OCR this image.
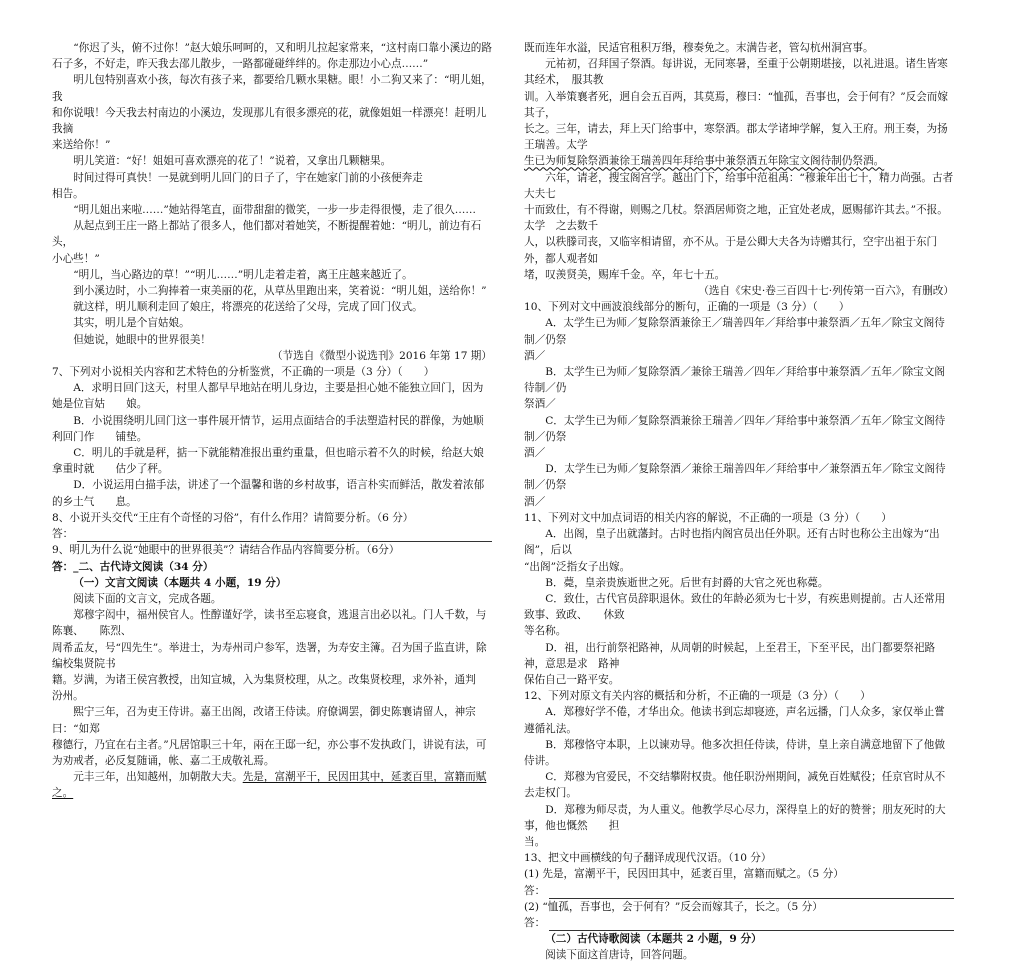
“你迟了头，俯不过你！”赵大娘乐呵呵的，又和明儿拉起家常来，“这村南口靠小溪边的路

石子多，不好走，昨天我去邵儿散步，一路都碰碰绊绊的。你走那边小心点……”

明儿包特别喜欢小孩，每次有孩子来，都要给几颗水果糖。眼！小二狗又来了：“明儿姐，我

和你说哦！今天我去村南边的小溪边，发现那儿有很多漂亮的花，就像姐姐一样漂亮！赶明儿我摘

来送给你！”

明儿笑道：“好！姐姐可喜欢漂亮的花了！”说着，又拿出几颗糖果。

时间过得可真快！一晃就到明儿回门的日子了，宇在她家门前的小孩便奔走

相告。

“明儿姐出来啦……”她站得笔直，面带甜甜的微笑，一步一步走得很慢，走了很久……

从起点到王庄一路上都站了很多人，他们都对着她笑，不断提醒着她：“明儿，前边有石头，

小心些！”

“明儿，当心路边的草！”“明儿……”明儿走着走着，离王庄越来越近了。

到小溪边时，小二狗捧着一束美丽的花，从草丛里跑出来，笑着说：“明儿姐，送给你！”

就这样，明儿顺利走回了娘庄，将漂亮的花送给了父母，完成了回门仪式。

其实，明儿是个盲姑娘。

但她说，她眼中的世界很美！

（节选自《微型小说选刊》2016 年第 17 期）

7、下列对小说相关内容和艺术特色的分析鉴赏，不正确的一项是（3 分）（　　）

A．求明日回门这天，村里人都早早地站在明儿身边，主要是担心她不能独立回门，因为她是位盲姑　　娘。

B．小说围绕明儿回门这一事件展开情节，运用点面结合的手法塑造村民的群像，为她顺利回门作　　铺垫。

C．明儿的手就是秤，掂一下就能精准报出重约重量，但也暗示着不久的时候，给赵大娘拿重时就　　估少了秤。

D．小说运用白描手法，讲述了一个温馨和谐的乡村故事，语言朴实而鲜活，散发着浓郁的乡土气　　息。

8、小说开头交代“王庄有个奇怪的习俗”，有什么作用？请简要分析。（6 分）

答：

9、明儿为什么说“她眼中的世界很美”？请结合作品内容简要分析。（6分）

答：_二、古代诗文阅读（34 分）

（一）文言文阅读（本题共 4 小题，19 分）

阅读下面的文言文，完成各题。

郑穆字闳中，福州侯官人。性醇谨好学，读书至忘寝食，逃退言出必以礼。门人千数，与陈襄、　　陈烈、

周希孟友，号“四先生”。举进士，为寿州司户参军，迭署，为寿安主簿。召为国子监直讲，除编校集贤院书

籍。岁满，为诸王侯宫教授，出知宣城，入为集贤校理，从之。改集贤校理，求外补，通判

汾州。

熙宁三年，召为吏王侍讲。嘉王出阁，改诸王侍读。府僚调罢，御史陈襄请留人，神宗曰：“如郑

穆德行，乃宜在右主者。”凡居馆职三十年，兩在王邸一纪，亦公事不发执政门，讲说有法，可

为劝戒者，必反复随诵，帐、嘉二王成敬礼焉。

元丰三年，出知越州，加朝散大夫。先是，富潮平干，民因田其中，延袤百里，富籍而赋之。

既而连年水溢，民适官租积万缗，穆奏免之。末满告老，管勾杭州洞宫事。

元祐初，召拜国子祭酒。每讲说，无同寒暑，至重于公朝期堪接，以礼进退。诸生皆寒其经术，　服其教

训。入举策襄者死，迥自会五百两，其莫焉，穆曰：“恤孤，吾事也，会于何有？”反会而嫁其子，

长之。三年，请去，拜上天门给事中，寒祭酒。郡太学诸坤学解，复入王府。刑王奏，为扬王瑞善。太学

生已为师复除祭酒兼徐王瑞善四年拜给事中兼祭酒五年除宝文阁待制仍祭酒。

六年，请老，搜宝阁宫学。越出门下，给事中范祖禹：“穆兼年出七十，精力尚强。古者大夫七

十而致仕，有不得谢，则赐之几杖。祭酒居师资之地，正宜处老成，愿赐郁许其去。”不报。太学　之去数千

人，以秩滕司丧，又临宰相请留，亦不从。于是公卿大夫各为诗赠其行，空宇出祖于东门　　外，都人观者如

堵，叹羡贤美，赐库千金。卒，年七十五。

（选自《宋史·卷三百四十七·列传第一百六》，有删改）

10、下列对文中画波浪线部分的断句，正确的一项是（3 分）（　　）

A．太学生已为师／复除祭酒兼徐王／瑞善四年／拜给事中兼祭酒／五年／除宝文阁待制／仍祭

酒／

B．太学生已为师／复除祭酒／兼徐王瑞善／四年／拜给事中兼祭酒／五年／除宝文阁待制／仍

祭酒／

C．太学生已为师／复除祭酒兼徐王瑞善／四年／拜给事中兼祭酒／五年／除宝文阁待制／仍祭

酒／

D．太学生已为师／复除祭酒／兼徐王瑞善四年／拜给事中／兼祭酒五年／除宝文阁待制／仍祭

酒／

11、下列对文中加点词语的相关内容的解说，不正确的一项是（3 分）（　　）

A．出阁，皇子出就藩封。古时也指内阁宫员出任外职。还有古时也称公主出嫁为“出阁”，后以

“出阁”泛指女子出嫁。

B．薨，皇亲贵族逝世之死。后世有封爵的大官之死也称薨。

C．致仕，古代官员辞职退休。致仕的年龄必须为七十岁，有疾患则提前。古人还常用致事、致政、　　休致

等名称。

D．祖，出行前祭祀路神，从周朝的时候起，上至君王，下至平民，出门都要祭祀路神，意思是求　路神

保佑自己一路平安。

12、下列对原文有关内容的概括和分析，不正确的一项是（3 分）（　　）

A．郑穆好学不倦，才华出众。他读书到忘却寝迹，声名远播，门人众多，家仅举止嘗遵循礼法。

B．郑穆恪守本职，上以谏劝导。他多次担任侍读，侍讲，皇上亲自满意地留下了他做侍讲。

C．郑穆为官爱民，不交结攀附权贵。他任职汾州期间，减免百姓赋役；任京官时从不去走权门。

D．郑穆为师尽责，为人重义。他教学尽心尽力，深得皇上的好的赞誉；朋友死时的大事，他也慨然　　担

当。

13、把文中画横线的句子翻译成现代汉语。（10 分）

(1) 先是，富潮平干，民因田其中，延袤百里，富籍而赋之。（5 分）

答：

(2) “恤孤，吾事也，会于何有？”反会而嫁其子，长之。（5 分）

答：

（二）古代诗歌阅读（本题共 2 小题，9 分）

阅读下面这首唐诗，回答问题。
